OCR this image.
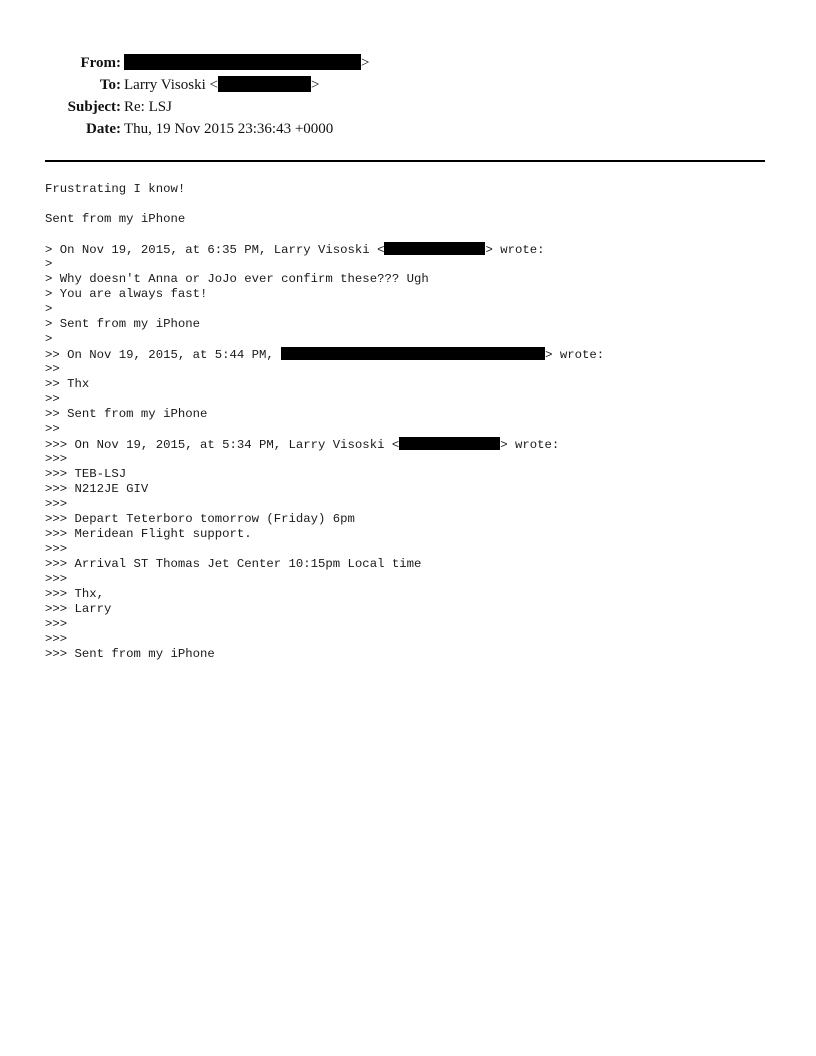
From:	>
To: Larry Visoski <	>
Subject: Re: LSJ
Date: Thu, 19 Nov 2015 23:36:43 +0000
Frustrating I know!
Sent from my iPhone
> On Nov 19, 2015, at 6:35 PM, Larry Visoski <	> wrote:
>
> Why doesn't Anna or JoJo ever confirm these??? Ugh
> You are always fast!
>
> Sent from my iPhone
>
>> On Nov 19, 2015, at 5:44 PM,	> wrote:
>>
>> Thx
>>
>> Sent from my iPhone
>>
>>> On Nov 19, 2015, at 5:34 PM, Larry Visoski <	> wrote:
>>>
>>> TEB-LSJ
>>> N212JE GIV
>>>
>>> Depart Teterboro tomorrow (Friday) 6pm
>>> Meridean Flight support.
>>>
>>> Arrival ST Thomas Jet Center 10:15pm Local time
>>>
>>> Thx,
>>> Larry
>>>
>>>
>>> Sent from my iPhone
